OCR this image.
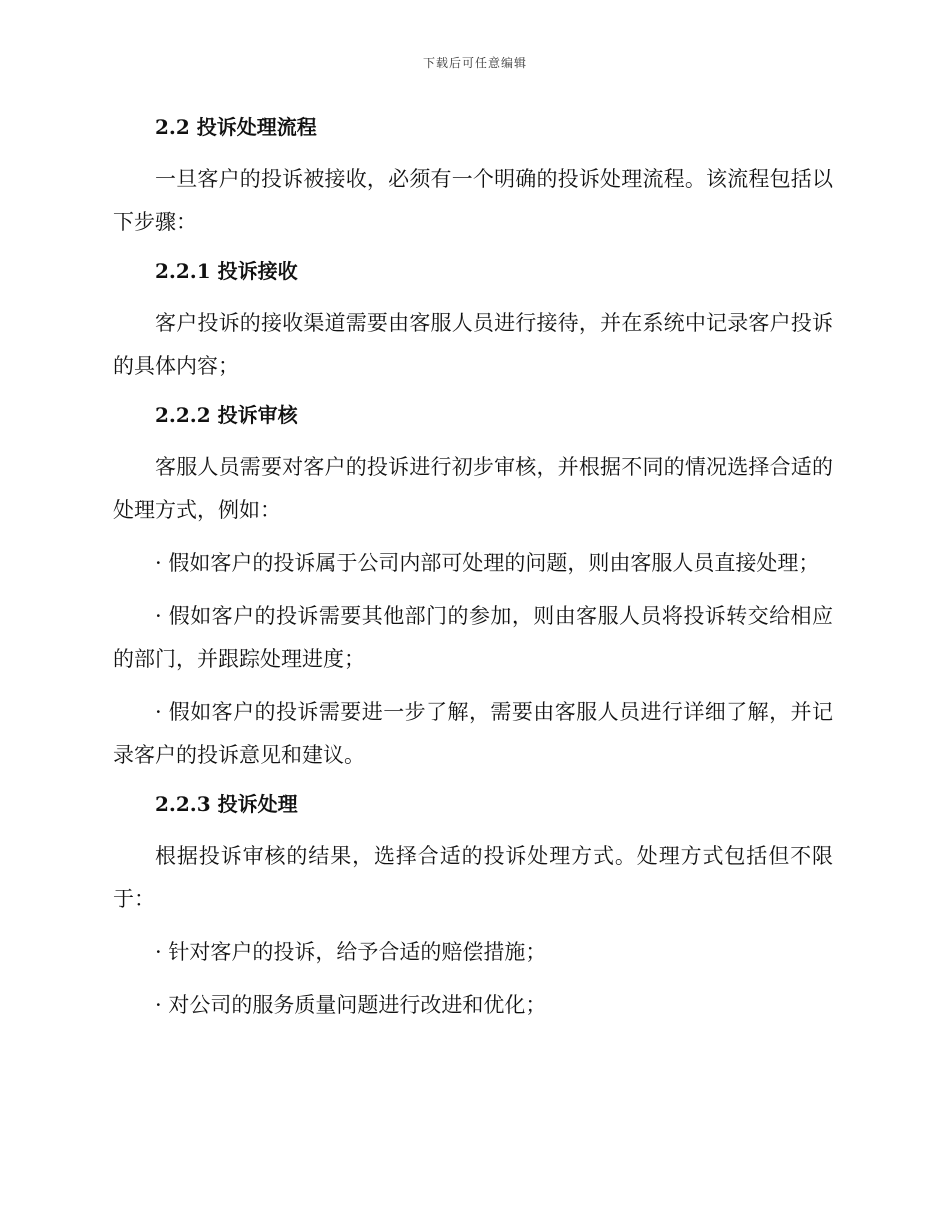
下载后可任意编辑
2.2 投诉处理流程

一旦客户的投诉被接收，必须有一个明确的投诉处理流程。该流程包括以下步骤：

2.2.1 投诉接收

客户投诉的接收渠道需要由客服人员进行接待，并在系统中记录客户投诉的具体内容；

2.2.2 投诉审核

客服人员需要对客户的投诉进行初步审核，并根据不同的情况选择合适的处理方式，例如：

· 假如客户的投诉属于公司内部可处理的问题，则由客服人员直接处理；

· 假如客户的投诉需要其他部门的参加，则由客服人员将投诉转交给相应的部门，并跟踪处理进度；

· 假如客户的投诉需要进一步了解，需要由客服人员进行详细了解，并记录客户的投诉意见和建议。

2.2.3 投诉处理

根据投诉审核的结果，选择合适的投诉处理方式。处理方式包括但不限于：

· 针对客户的投诉，给予合适的赔偿措施；

· 对公司的服务质量问题进行改进和优化；
